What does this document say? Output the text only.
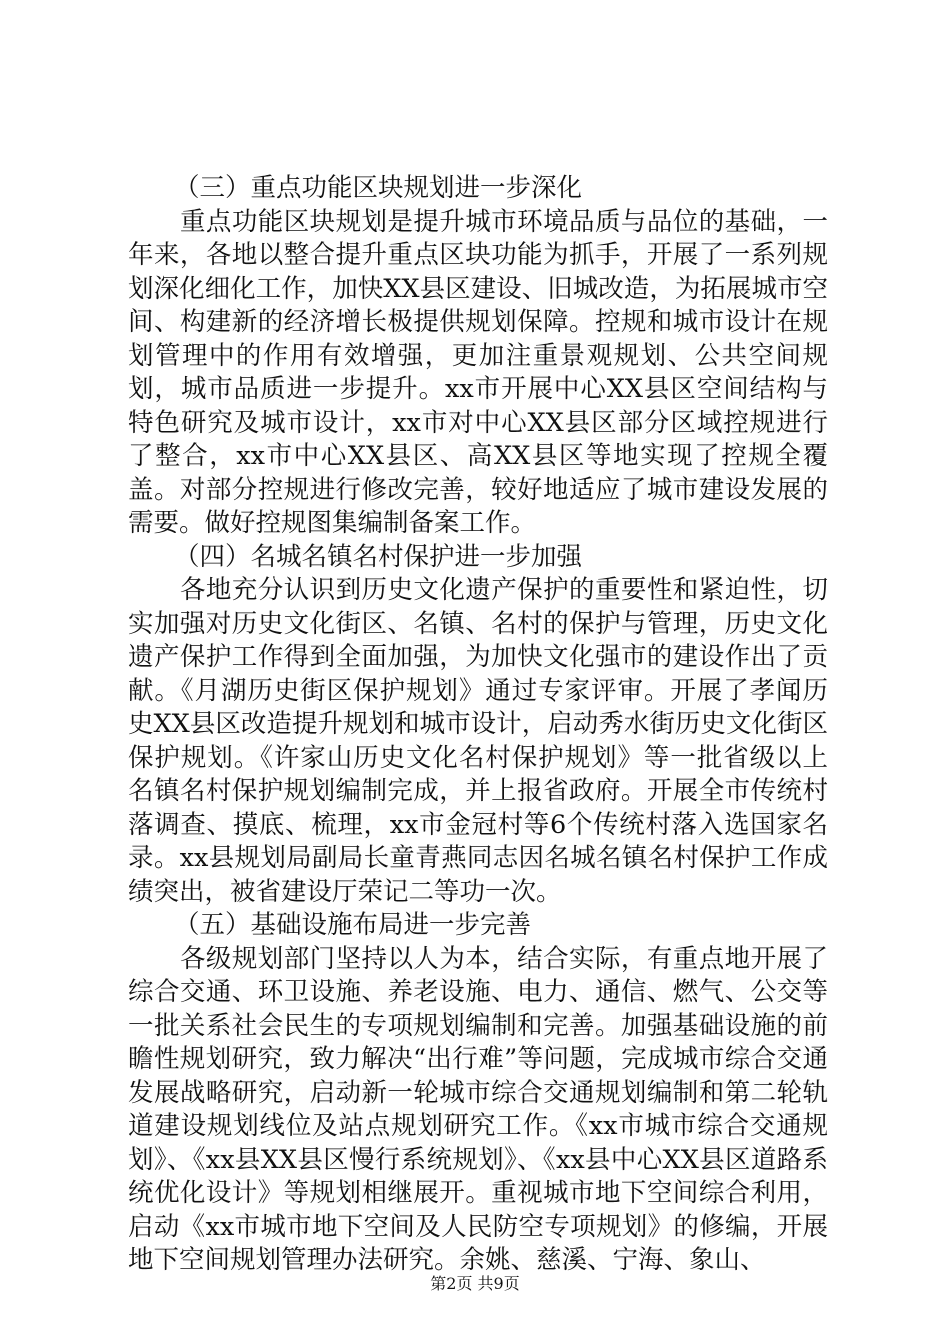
（三）重点功能区块规划进一步深化
重点功能区块规划是提升城市环境品质与品位的基础，一年来，各地以整合提升重点区块功能为抓手，开展了一系列规划深化细化工作，加快XX县区建设、旧城改造，为拓展城市空间、构建新的经济增长极提供规划保障。控规和城市设计在规划管理中的作用有效增强，更加注重景观规划、公共空间规划，城市品质进一步提升。xx市开展中心XX县区空间结构与特色研究及城市设计，xx市对中心XX县区部分区域控规进行了整合，xx市中心XX县区、高XX县区等地实现了控规全覆盖。对部分控规进行修改完善，较好地适应了城市建设发展的需要。做好控规图集编制备案工作。
（四）名城名镇名村保护进一步加强
各地充分认识到历史文化遗产保护的重要性和紧迫性，切实加强对历史文化街区、名镇、名村的保护与管理，历史文化遗产保护工作得到全面加强，为加快文化强市的建设作出了贡献。《月湖历史街区保护规划》通过专家评审。开展了孝闻历史XX县区改造提升规划和城市设计，启动秀水街历史文化街区保护规划。《许家山历史文化名村保护规划》等一批省级以上名镇名村保护规划编制完成，并上报省政府。开展全市传统村落调查、摸底、梳理，xx市金冠村等6个传统村落入选国家名录。xx县规划局副局长童青燕同志因名城名镇名村保护工作成绩突出，被省建设厅荣记二等功一次。
（五）基础设施布局进一步完善
各级规划部门坚持以人为本，结合实际，有重点地开展了综合交通、环卫设施、养老设施、电力、通信、燃气、公交等一批关系社会民生的专项规划编制和完善。加强基础设施的前瞻性规划研究，致力解决“出行难”等问题，完成城市综合交通发展战略研究，启动新一轮城市综合交通规划编制和第二轮轨道建设规划线位及站点规划研究工作。《xx市城市综合交通规划》、《xx县XX县区慢行系统规划》、《xx县中心XX县区道路系统优化设计》等规划相继展开。重视城市地下空间综合利用，启动《xx市城市地下空间及人民防空专项规划》的修编，开展地下空间规划管理办法研究。余姚、慈溪、宁海、象山、
第2页 共9页
